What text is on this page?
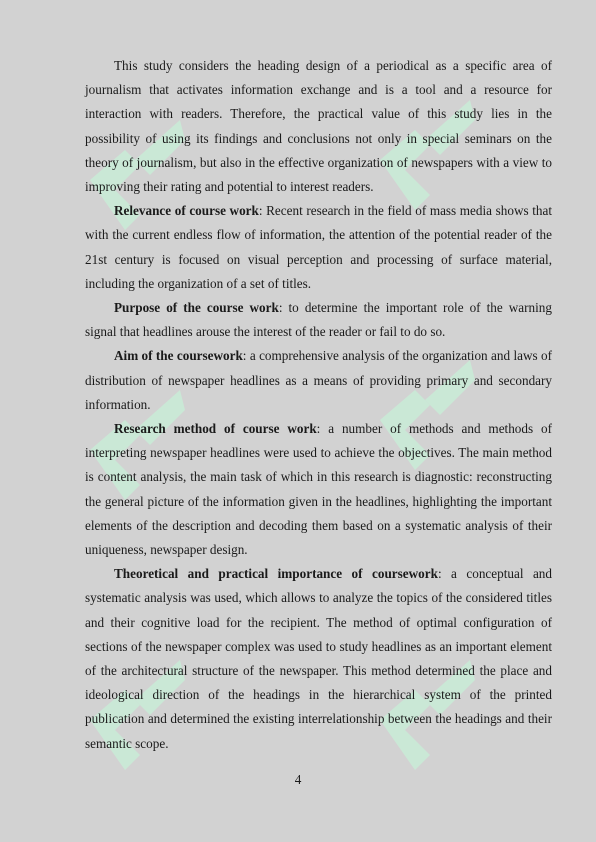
This study considers the heading design of a periodical as a specific area of journalism that activates information exchange and is a tool and a resource for interaction with readers. Therefore, the practical value of this study lies in the possibility of using its findings and conclusions not only in special seminars on the theory of journalism, but also in the effective organization of newspapers with a view to improving their rating and potential to interest readers.

Relevance of course work: Recent research in the field of mass media shows that with the current endless flow of information, the attention of the potential reader of the 21st century is focused on visual perception and processing of surface material, including the organization of a set of titles.

Purpose of the course work: to determine the important role of the warning signal that headlines arouse the interest of the reader or fail to do so.

Aim of the coursework: a comprehensive analysis of the organization and laws of distribution of newspaper headlines as a means of providing primary and secondary information.

Research method of course work: a number of methods and methods of interpreting newspaper headlines were used to achieve the objectives. The main method is content analysis, the main task of which in this research is diagnostic: reconstructing the general picture of the information given in the headlines, highlighting the important elements of the description and decoding them based on a systematic analysis of their uniqueness, newspaper design.

Theoretical and practical importance of coursework: a conceptual and systematic analysis was used, which allows to analyze the topics of the considered titles and their cognitive load for the recipient. The method of optimal configuration of sections of the newspaper complex was used to study headlines as an important element of the architectural structure of the newspaper. This method determined the place and ideological direction of the headings in the hierarchical system of the printed publication and determined the existing interrelationship between the headings and their semantic scope.

4
